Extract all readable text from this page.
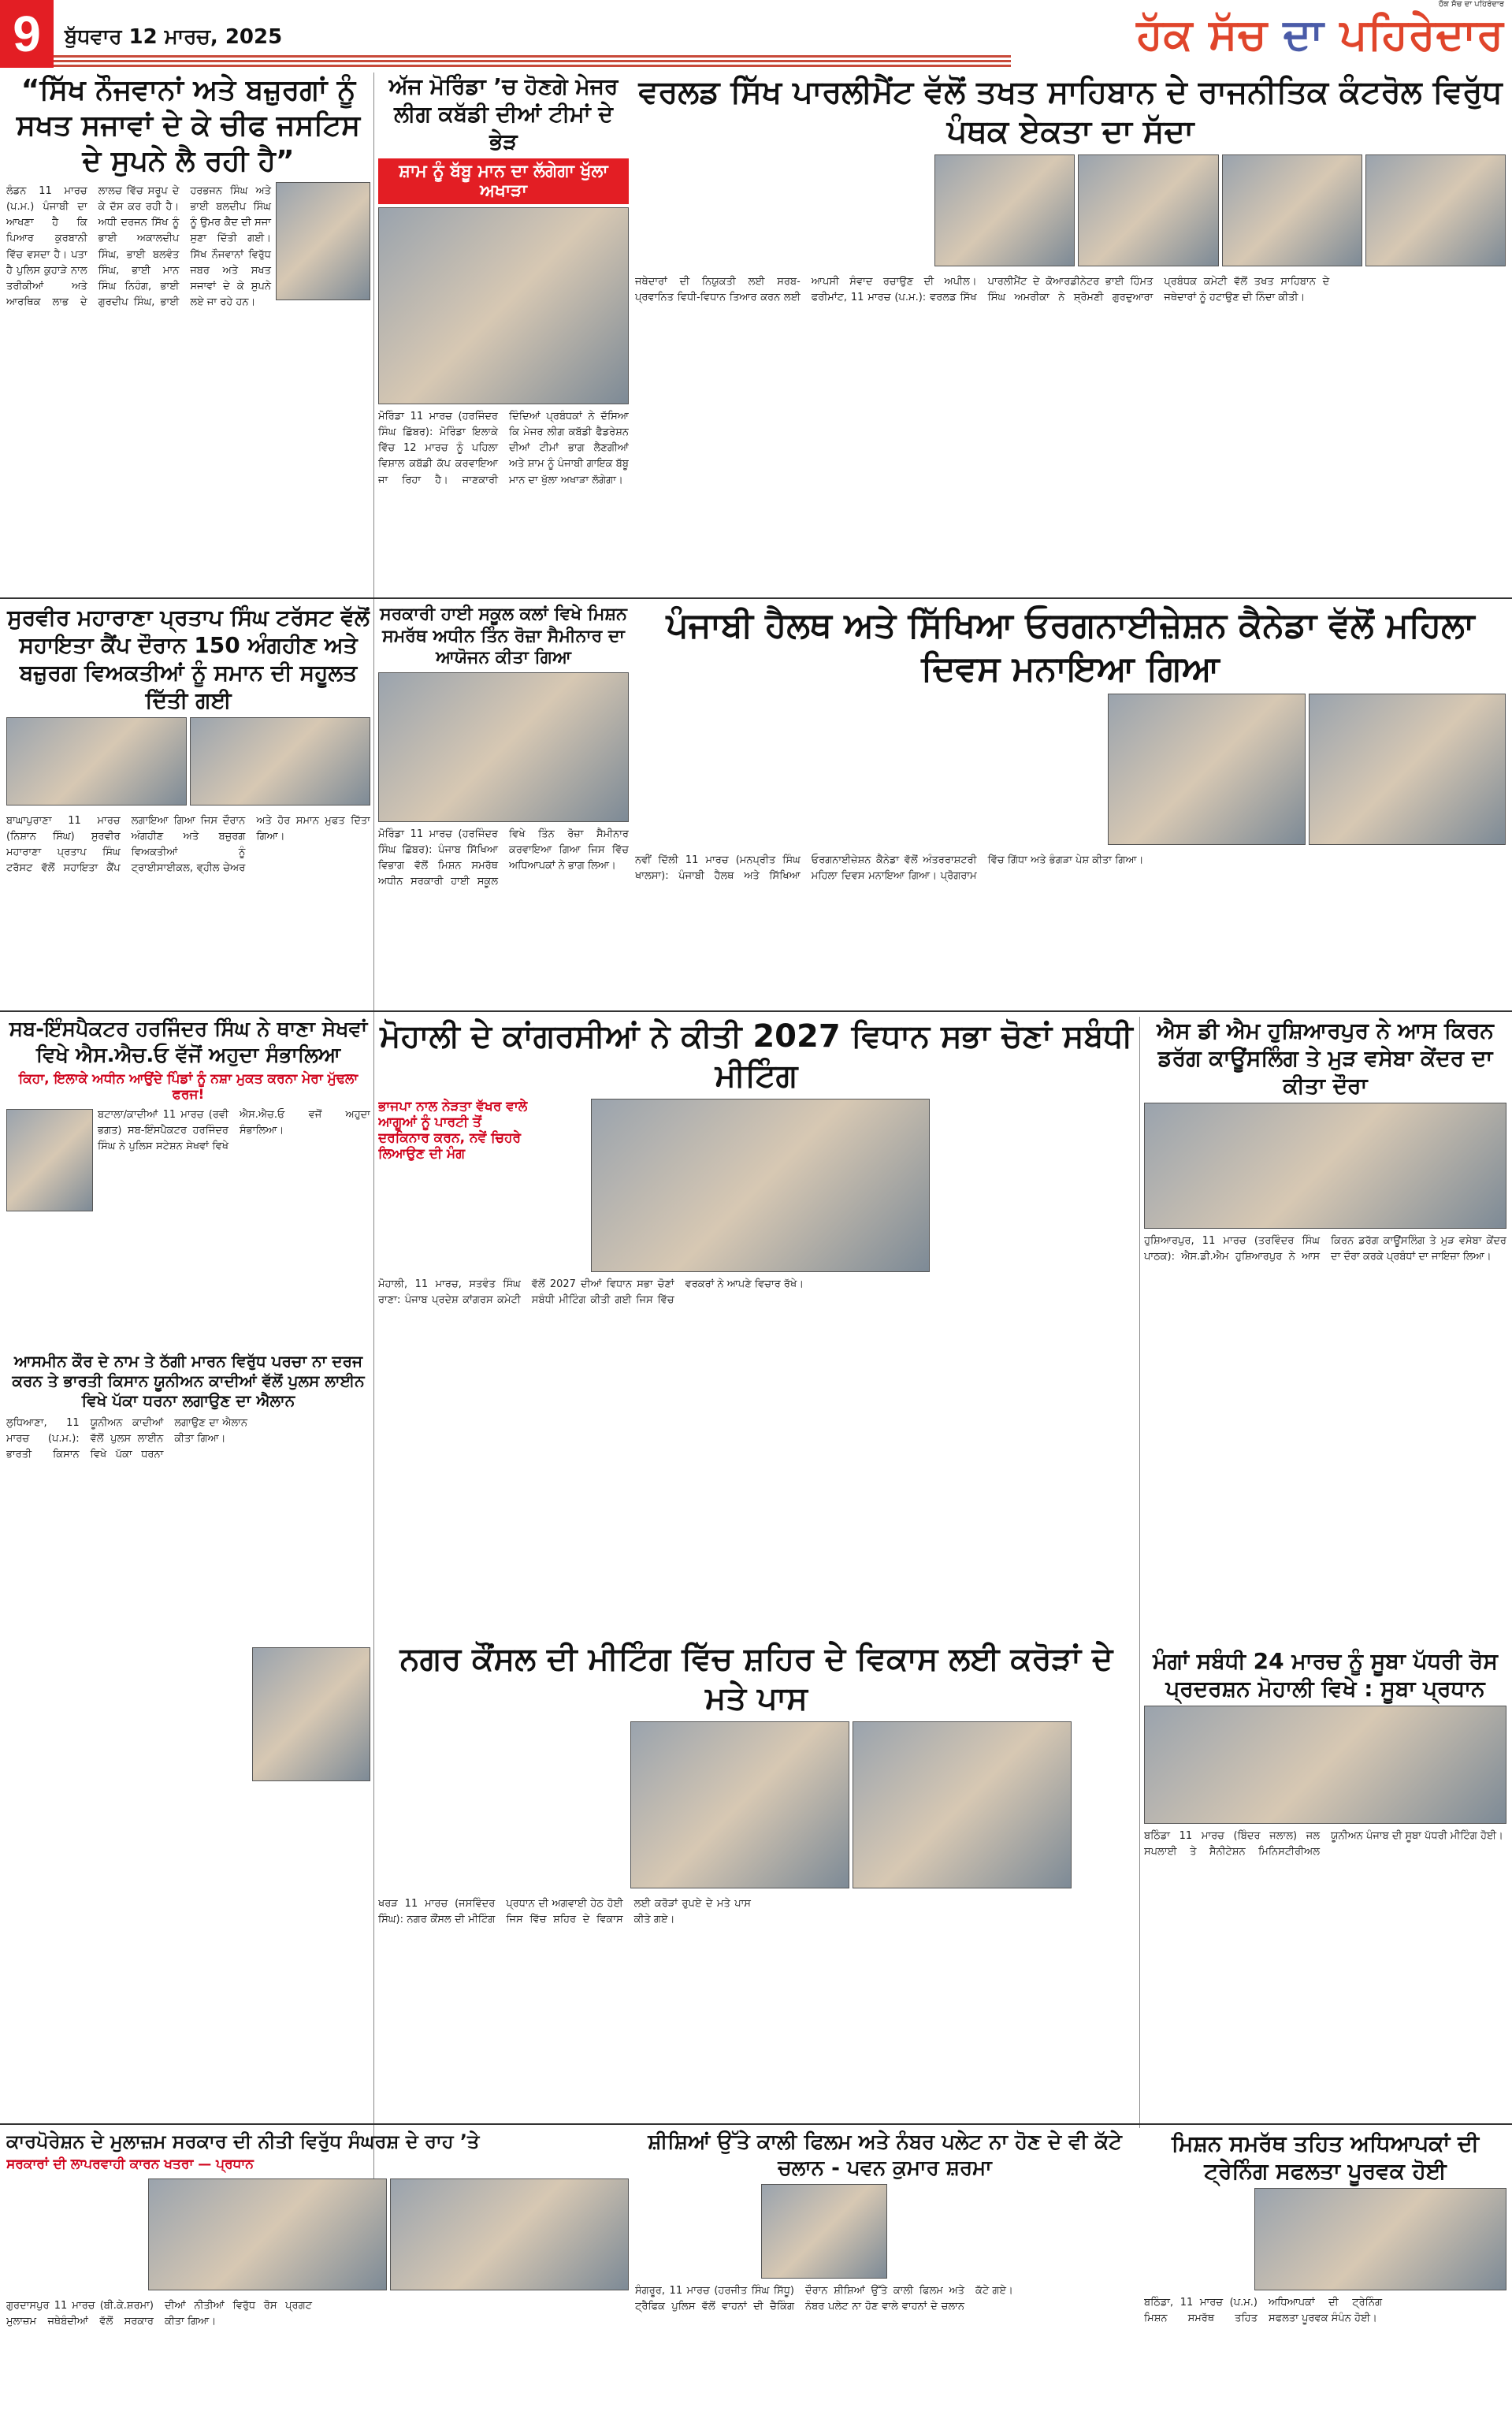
9	ਬੁੱਧਵਾਰ 12 ਮਾਰਚ, 2025
ਹੱਕ ਸੱਚ ਦਾ ਪਹਿਰੇਦਾਰ
ਹੱਕ ਸੱਚ ਦਾ ਪਹਿਰੇਦਾਰ
“ਸਿੱਖ ਨੌਜਵਾਨਾਂ ਅਤੇ ਬਜ਼ੁਰਗਾਂ ਨੂੰ ਸਖਤ ਸਜਾਵਾਂ ਦੇ ਕੇ ਚੀਫ ਜਸਟਿਸ ਦੇ ਸੁਪਨੇ ਲੈ ਰਹੀ ਹੈ”
ਲੰਡਨ 11 ਮਾਰਚ (ਪ.ਮ.) ਪੰਜਾਬੀ ਦਾ ਆਖਣਾ ਹੈ ਕਿ ਪਿਆਰ ਕੁਰਬਾਨੀ ਵਿੱਚ ਵਸਦਾ ਹੈ। ਪਤਾ ਹੈ ਪੁਲਿਸ ਕੁਹਾੜੇ ਨਾਲ ਤਰੀਕੀਆਂ ਅਤੇ ਆਰਥਿਕ ਲਾਭ ਦੇ ਲਾਲਚ ਵਿੱਚ ਸਰੂਪ ਦੇ ਕੇ ਦੱਸ ਕਰ ਰਹੀ ਹੈ। ਅਧੀ ਦਰਜਨ ਸਿੱਖ ਨੂੰ ਭਾਈ ਅਕਾਲਦੀਪ ਸਿੰਘ, ਭਾਈ ਬਲਵੰਤ ਸਿੰਘ, ਭਾਈ ਮਾਨ ਸਿੰਘ ਨਿਹੰਗ, ਭਾਈ ਗੁਰਦੀਪ ਸਿੰਘ, ਭਾਈ ਹਰਭਜਨ ਸਿੰਘ ਅਤੇ ਭਾਈ ਬਲਦੀਪ ਸਿੰਘ ਨੂੰ ਉਮਰ ਕੈਦ ਦੀ ਸਜਾ ਸੁਣਾ ਦਿੱਤੀ ਗਈ। ਸਿੱਖ ਨੌਜਵਾਨਾਂ ਵਿਰੁੱਧ ਜਬਰ ਅਤੇ ਸਖਤ ਸਜਾਵਾਂ ਦੇ ਕੇ ਸੁਪਨੇ ਲਏ ਜਾ ਰਹੇ ਹਨ।
ਅੱਜ ਮੋਰਿੰਡਾ ’ਚ ਹੋਣਗੇ ਮੇਜਰ ਲੀਗ ਕਬੱਡੀ ਦੀਆਂ ਟੀਮਾਂ ਦੇ ਭੇੜ
ਸ਼ਾਮ ਨੂੰ ਬੱਬੂ ਮਾਨ ਦਾ ਲੱਗੇਗਾ ਖੁੱਲਾ ਅਖਾੜਾ
ਮੋਰਿੰਡਾ 11 ਮਾਰਚ (ਹਰਜਿੰਦਰ ਸਿੰਘ ਛਿੱਬਰ): ਮੋਰਿੰਡਾ ਇਲਾਕੇ ਵਿੱਚ 12 ਮਾਰਚ ਨੂੰ ਪਹਿਲਾ ਵਿਸ਼ਾਲ ਕਬੱਡੀ ਕੱਪ ਕਰਵਾਇਆ ਜਾ ਰਿਹਾ ਹੈ। ਜਾਣਕਾਰੀ ਦਿੰਦਿਆਂ ਪ੍ਰਬੰਧਕਾਂ ਨੇ ਦੱਸਿਆ ਕਿ ਮੇਜਰ ਲੀਗ ਕਬੱਡੀ ਫੈਡਰੇਸ਼ਨ ਦੀਆਂ ਟੀਮਾਂ ਭਾਗ ਲੈਣਗੀਆਂ ਅਤੇ ਸ਼ਾਮ ਨੂੰ ਪੰਜਾਬੀ ਗਾਇਕ ਬੱਬੂ ਮਾਨ ਦਾ ਖੁੱਲਾ ਅਖਾੜਾ ਲੱਗੇਗਾ।
ਵਰਲਡ ਸਿੱਖ ਪਾਰਲੀਮੈਂਟ ਵੱਲੋਂ ਤਖਤ ਸਾਹਿਬਾਨ ਦੇ ਰਾਜਨੀਤਿਕ ਕੰਟਰੋਲ ਵਿਰੁੱਧ ਪੰਥਕ ਏਕਤਾ ਦਾ ਸੱਦਾ
ਜਥੇਦਾਰਾਂ ਦੀ ਨਿਯੁਕਤੀ ਲਈ ਸਰਬ-ਪ੍ਰਵਾਨਿਤ ਵਿਧੀ-ਵਿਧਾਨ ਤਿਆਰ ਕਰਨ ਲਈ ਆਪਸੀ ਸੰਵਾਦ ਰਚਾਉਣ ਦੀ ਅਪੀਲ। ਫਰੀਮਾਂਟ, 11 ਮਾਰਚ (ਪ.ਮ.): ਵਰਲਡ ਸਿੱਖ ਪਾਰਲੀਮੈਂਟ ਦੇ ਕੋਆਰਡੀਨੇਟਰ ਭਾਈ ਹਿੰਮਤ ਸਿੰਘ ਅਮਰੀਕਾ ਨੇ ਸ਼੍ਰੋਮਣੀ ਗੁਰਦੁਆਰਾ ਪ੍ਰਬੰਧਕ ਕਮੇਟੀ ਵੱਲੋਂ ਤਖਤ ਸਾਹਿਬਾਨ ਦੇ ਜਥੇਦਾਰਾਂ ਨੂੰ ਹਟਾਉਣ ਦੀ ਨਿੰਦਾ ਕੀਤੀ।
ਸੁਰਵੀਰ ਮਹਾਰਾਣਾ ਪ੍ਰਤਾਪ ਸਿੰਘ ਟਰੱਸਟ ਵੱਲੋਂ ਸਹਾਇਤਾ ਕੈਂਪ ਦੌਰਾਨ 150 ਅੰਗਹੀਣ ਅਤੇ ਬਜ਼ੁਰਗ ਵਿਅਕਤੀਆਂ ਨੂੰ ਸਮਾਨ ਦੀ ਸਹੂਲਤ ਦਿੱਤੀ ਗਈ
ਬਾਘਾਪੁਰਾਣਾ 11 ਮਾਰਚ (ਨਿਸ਼ਾਨ ਸਿੰਘ) ਸੁਰਵੀਰ ਮਹਾਰਾਣਾ ਪ੍ਰਤਾਪ ਸਿੰਘ ਟਰੱਸਟ ਵੱਲੋਂ ਸਹਾਇਤਾ ਕੈਂਪ ਲਗਾਇਆ ਗਿਆ ਜਿਸ ਦੌਰਾਨ ਅੰਗਹੀਣ ਅਤੇ ਬਜ਼ੁਰਗ ਵਿਅਕਤੀਆਂ ਨੂੰ ਟ੍ਰਾਈਸਾਈਕਲ, ਵ੍ਹੀਲ ਚੇਅਰ ਅਤੇ ਹੋਰ ਸਮਾਨ ਮੁਫਤ ਦਿੱਤਾ ਗਿਆ।
ਸਰਕਾਰੀ ਹਾਈ ਸਕੂਲ ਕਲਾਂ ਵਿਖੇ ਮਿਸ਼ਨ ਸਮਰੱਥ ਅਧੀਨ ਤਿੰਨ ਰੋਜ਼ਾ ਸੈਮੀਨਾਰ ਦਾ ਆਯੋਜਨ ਕੀਤਾ ਗਿਆ
ਮੋਰਿੰਡਾ 11 ਮਾਰਚ (ਹਰਜਿੰਦਰ ਸਿੰਘ ਛਿੱਬਰ): ਪੰਜਾਬ ਸਿੱਖਿਆ ਵਿਭਾਗ ਵੱਲੋਂ ਮਿਸ਼ਨ ਸਮਰੱਥ ਅਧੀਨ ਸਰਕਾਰੀ ਹਾਈ ਸਕੂਲ ਵਿਖੇ ਤਿੰਨ ਰੋਜ਼ਾ ਸੈਮੀਨਾਰ ਕਰਵਾਇਆ ਗਿਆ ਜਿਸ ਵਿੱਚ ਅਧਿਆਪਕਾਂ ਨੇ ਭਾਗ ਲਿਆ।
ਪੰਜਾਬੀ ਹੈਲਥ ਅਤੇ ਸਿੱਖਿਆ ਓਰਗਨਾਈਜ਼ੇਸ਼ਨ ਕੈਨੇਡਾ ਵੱਲੋਂ ਮਹਿਲਾ ਦਿਵਸ ਮਨਾਇਆ ਗਿਆ
ਨਵੀਂ ਦਿੱਲੀ 11 ਮਾਰਚ (ਮਨਪ੍ਰੀਤ ਸਿੰਘ ਖਾਲਸਾ): ਪੰਜਾਬੀ ਹੈਲਥ ਅਤੇ ਸਿੱਖਿਆ ਓਰਗਨਾਈਜ਼ੇਸ਼ਨ ਕੈਨੇਡਾ ਵੱਲੋਂ ਅੰਤਰਰਾਸ਼ਟਰੀ ਮਹਿਲਾ ਦਿਵਸ ਮਨਾਇਆ ਗਿਆ। ਪ੍ਰੋਗਰਾਮ ਵਿੱਚ ਗਿੱਧਾ ਅਤੇ ਭੰਗੜਾ ਪੇਸ਼ ਕੀਤਾ ਗਿਆ।
ਸਬ-ਇੰਸਪੈਕਟਰ ਹਰਜਿੰਦਰ ਸਿੰਘ ਨੇ ਥਾਣਾ ਸੇਖਵਾਂ ਵਿਖੇ ਐਸ.ਐਚ.ਓ ਵੱਜੋਂ ਅਹੁਦਾ ਸੰਭਾਲਿਆ
ਕਿਹਾ, ਇਲਾਕੇ ਅਧੀਨ ਆਉਂਦੇ ਪਿੰਡਾਂ ਨੂੰ ਨਸ਼ਾ ਮੁਕਤ ਕਰਨਾ ਮੇਰਾ ਮੁੱਢਲਾ ਫਰਜ!
ਬਟਾਲਾ/ਕਾਦੀਆਂ 11 ਮਾਰਚ (ਰਵੀ ਭਗਤ) ਸਬ-ਇੰਸਪੈਕਟਰ ਹਰਜਿੰਦਰ ਸਿੰਘ ਨੇ ਪੁਲਿਸ ਸਟੇਸ਼ਨ ਸੇਖਵਾਂ ਵਿਖੇ ਐਸ.ਐਚ.ਓ ਵਜੋਂ ਅਹੁਦਾ ਸੰਭਾਲਿਆ।
ਆਸਮੀਨ ਕੌਰ ਦੇ ਨਾਮ ਤੇ ਠੱਗੀ ਮਾਰਨ ਵਿਰੁੱਧ ਪਰਚਾ ਨਾ ਦਰਜ ਕਰਨ ਤੇ ਭਾਰਤੀ ਕਿਸਾਨ ਯੂਨੀਅਨ ਕਾਦੀਆਂ ਵੱਲੋਂ ਪੁਲਸ ਲਾਈਨ ਵਿਖੇ ਪੱਕਾ ਧਰਨਾ ਲਗਾਉਣ ਦਾ ਐਲਾਨ
ਲੁਧਿਆਣਾ, 11 ਮਾਰਚ (ਪ.ਮ.): ਭਾਰਤੀ ਕਿਸਾਨ ਯੂਨੀਅਨ ਕਾਦੀਆਂ ਵੱਲੋਂ ਪੁਲਸ ਲਾਈਨ ਵਿਖੇ ਪੱਕਾ ਧਰਨਾ ਲਗਾਉਣ ਦਾ ਐਲਾਨ ਕੀਤਾ ਗਿਆ।
ਮੋਹਾਲੀ ਦੇ ਕਾਂਗਰਸੀਆਂ ਨੇ ਕੀਤੀ 2027 ਵਿਧਾਨ ਸਭਾ ਚੋਣਾਂ ਸਬੰਧੀ ਮੀਟਿੰਗ
ਭਾਜਪਾ ਨਾਲ ਨੇੜਤਾ ਵੱਖਰ ਵਾਲੇ ਆਗੂਆਂ ਨੂੰ ਪਾਰਟੀ ਤੋਂ ਦਰਕਿਨਾਰ ਕਰਨ, ਨਵੇਂ ਚਿਹਰੇ ਲਿਆਉਣ ਦੀ ਮੰਗ
ਮੋਹਾਲੀ, 11 ਮਾਰਚ, ਸਤਵੰਤ ਸਿੰਘ ਰਾਣਾ: ਪੰਜਾਬ ਪ੍ਰਦੇਸ਼ ਕਾਂਗਰਸ ਕਮੇਟੀ ਵੱਲੋਂ 2027 ਦੀਆਂ ਵਿਧਾਨ ਸਭਾ ਚੋਣਾਂ ਸਬੰਧੀ ਮੀਟਿੰਗ ਕੀਤੀ ਗਈ ਜਿਸ ਵਿੱਚ ਵਰਕਰਾਂ ਨੇ ਆਪਣੇ ਵਿਚਾਰ ਰੱਖੇ।
ਐਸ ਡੀ ਐਮ ਹੁਸ਼ਿਆਰਪੁਰ ਨੇ ਆਸ ਕਿਰਨ ਡਰੱਗ ਕਾਊਂਸਲਿੰਗ ਤੇ ਮੁੜ ਵਸੇਬਾ ਕੇਂਦਰ ਦਾ ਕੀਤਾ ਦੌਰਾ
ਹੁਸ਼ਿਆਰਪੁਰ, 11 ਮਾਰਚ (ਤਰਵਿੰਦਰ ਸਿੰਘ ਪਾਠਕ): ਐਸ.ਡੀ.ਐਮ ਹੁਸ਼ਿਆਰਪੁਰ ਨੇ ਆਸ ਕਿਰਨ ਡਰੱਗ ਕਾਊਂਸਲਿੰਗ ਤੇ ਮੁੜ ਵਸੇਬਾ ਕੇਂਦਰ ਦਾ ਦੌਰਾ ਕਰਕੇ ਪ੍ਰਬੰਧਾਂ ਦਾ ਜਾਇਜ਼ਾ ਲਿਆ।
ਨਗਰ ਕੌਂਸਲ ਦੀ ਮੀਟਿੰਗ ਵਿੱਚ ਸ਼ਹਿਰ ਦੇ ਵਿਕਾਸ ਲਈ ਕਰੋੜਾਂ ਦੇ ਮਤੇ ਪਾਸ
ਖਰੜ 11 ਮਾਰਚ (ਜਸਵਿੰਦਰ ਸਿੰਘ): ਨਗਰ ਕੌਂਸਲ ਦੀ ਮੀਟਿੰਗ ਪ੍ਰਧਾਨ ਦੀ ਅਗਵਾਈ ਹੇਠ ਹੋਈ ਜਿਸ ਵਿੱਚ ਸ਼ਹਿਰ ਦੇ ਵਿਕਾਸ ਲਈ ਕਰੋੜਾਂ ਰੁਪਏ ਦੇ ਮਤੇ ਪਾਸ ਕੀਤੇ ਗਏ।
ਮੰਗਾਂ ਸਬੰਧੀ 24 ਮਾਰਚ ਨੂੰ ਸੂਬਾ ਪੱਧਰੀ ਰੋਸ ਪ੍ਰਦਰਸ਼ਨ ਮੋਹਾਲੀ ਵਿਖੇ : ਸੂਬਾ ਪ੍ਰਧਾਨ
ਬਠਿੰਡਾ 11 ਮਾਰਚ (ਬਿੰਦਰ ਜਲਾਲ) ਜਲ ਸਪਲਾਈ ਤੇ ਸੈਨੀਟੇਸ਼ਨ ਮਿਨਿਸਟੀਰੀਅਲ ਯੂਨੀਅਨ ਪੰਜਾਬ ਦੀ ਸੂਬਾ ਪੱਧਰੀ ਮੀਟਿੰਗ ਹੋਈ।
ਕਾਰਪੋਰੇਸ਼ਨ ਦੇ ਮੁਲਾਜ਼ਮ ਸਰਕਾਰ ਦੀ ਨੀਤੀ ਵਿਰੁੱਧ ਸੰਘਰਸ਼ ਦੇ ਰਾਹ ’ਤੇ
ਸਰਕਾਰਾਂ ਦੀ ਲਾਪਰਵਾਹੀ ਕਾਰਨ ਖਤਰਾ — ਪ੍ਰਧਾਨ
ਗੁਰਦਾਸਪੁਰ 11 ਮਾਰਚ (ਬੀ.ਕੇ.ਸ਼ਰਮਾ) ਮੁਲਾਜ਼ਮ ਜਥੇਬੰਦੀਆਂ ਵੱਲੋਂ ਸਰਕਾਰ ਦੀਆਂ ਨੀਤੀਆਂ ਵਿਰੁੱਧ ਰੋਸ ਪ੍ਰਗਟ ਕੀਤਾ ਗਿਆ।
ਸ਼ੀਸ਼ਿਆਂ ਉੱਤੇ ਕਾਲੀ ਫਿਲਮ ਅਤੇ ਨੰਬਰ ਪਲੇਟ ਨਾ ਹੋਣ ਦੇ ਵੀ ਕੱਟੇ ਚਲਾਨ - ਪਵਨ ਕੁਮਾਰ ਸ਼ਰਮਾ
ਸੰਗਰੂਰ, 11 ਮਾਰਚ (ਹਰਜੀਤ ਸਿੰਘ ਸਿੱਧੂ) ਟ੍ਰੈਫਿਕ ਪੁਲਿਸ ਵੱਲੋਂ ਵਾਹਨਾਂ ਦੀ ਚੈਕਿੰਗ ਦੌਰਾਨ ਸ਼ੀਸ਼ਿਆਂ ਉੱਤੇ ਕਾਲੀ ਫਿਲਮ ਅਤੇ ਨੰਬਰ ਪਲੇਟ ਨਾ ਹੋਣ ਵਾਲੇ ਵਾਹਨਾਂ ਦੇ ਚਲਾਨ ਕੱਟੇ ਗਏ।
ਮਿਸ਼ਨ ਸਮਰੱਥ ਤਹਿਤ ਅਧਿਆਪਕਾਂ ਦੀ ਟ੍ਰੇਨਿੰਗ ਸਫਲਤਾ ਪੂਰਵਕ ਹੋਈ
ਬਠਿੰਡਾ, 11 ਮਾਰਚ (ਪ.ਮ.) ਮਿਸ਼ਨ ਸਮਰੱਥ ਤਹਿਤ ਅਧਿਆਪਕਾਂ ਦੀ ਟ੍ਰੇਨਿੰਗ ਸਫਲਤਾ ਪੂਰਵਕ ਸੰਪੰਨ ਹੋਈ।
